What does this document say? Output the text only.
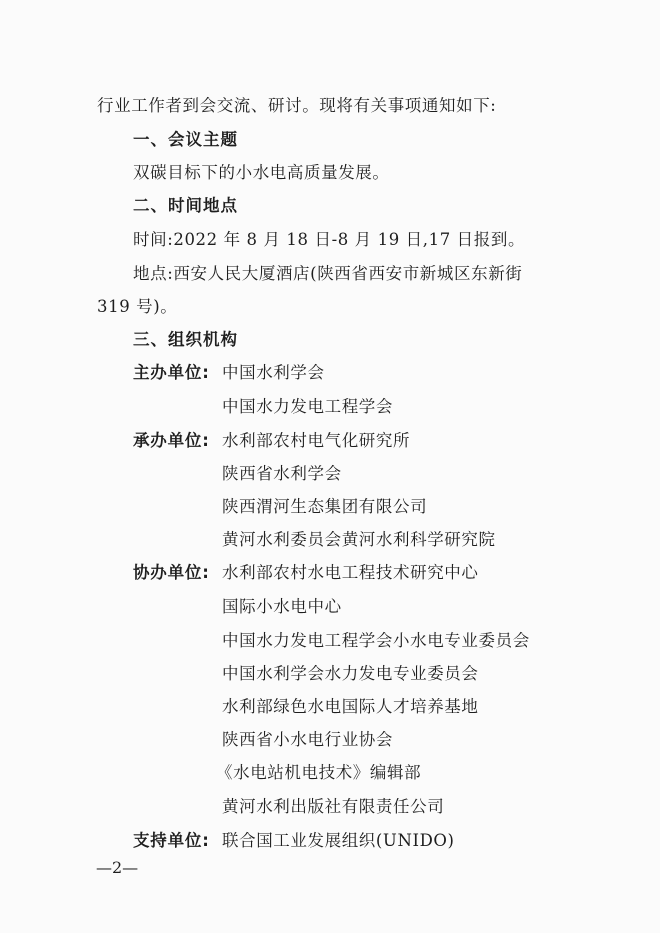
行业工作者到会交流、研讨。现将有关事项通知如下:
一、会议主题
双碳目标下的小水电高质量发展。
二、时间地点
时间:2022 年 8 月 18 日-8 月 19 日,17 日报到。
地点:西安人民大厦酒店(陕西省西安市新城区东新街
319 号)。
三、组织机构
主办单位: 中国水利学会
中国水力发电工程学会
承办单位: 水利部农村电气化研究所
陕西省水利学会
陕西渭河生态集团有限公司
黄河水利委员会黄河水利科学研究院
协办单位: 水利部农村水电工程技术研究中心
国际小水电中心
中国水力发电工程学会小水电专业委员会
中国水利学会水力发电专业委员会
水利部绿色水电国际人才培养基地
陕西省小水电行业协会
《水电站机电技术》编辑部
黄河水利出版社有限责任公司
支持单位: 联合国工业发展组织(UNIDO)
—2—
